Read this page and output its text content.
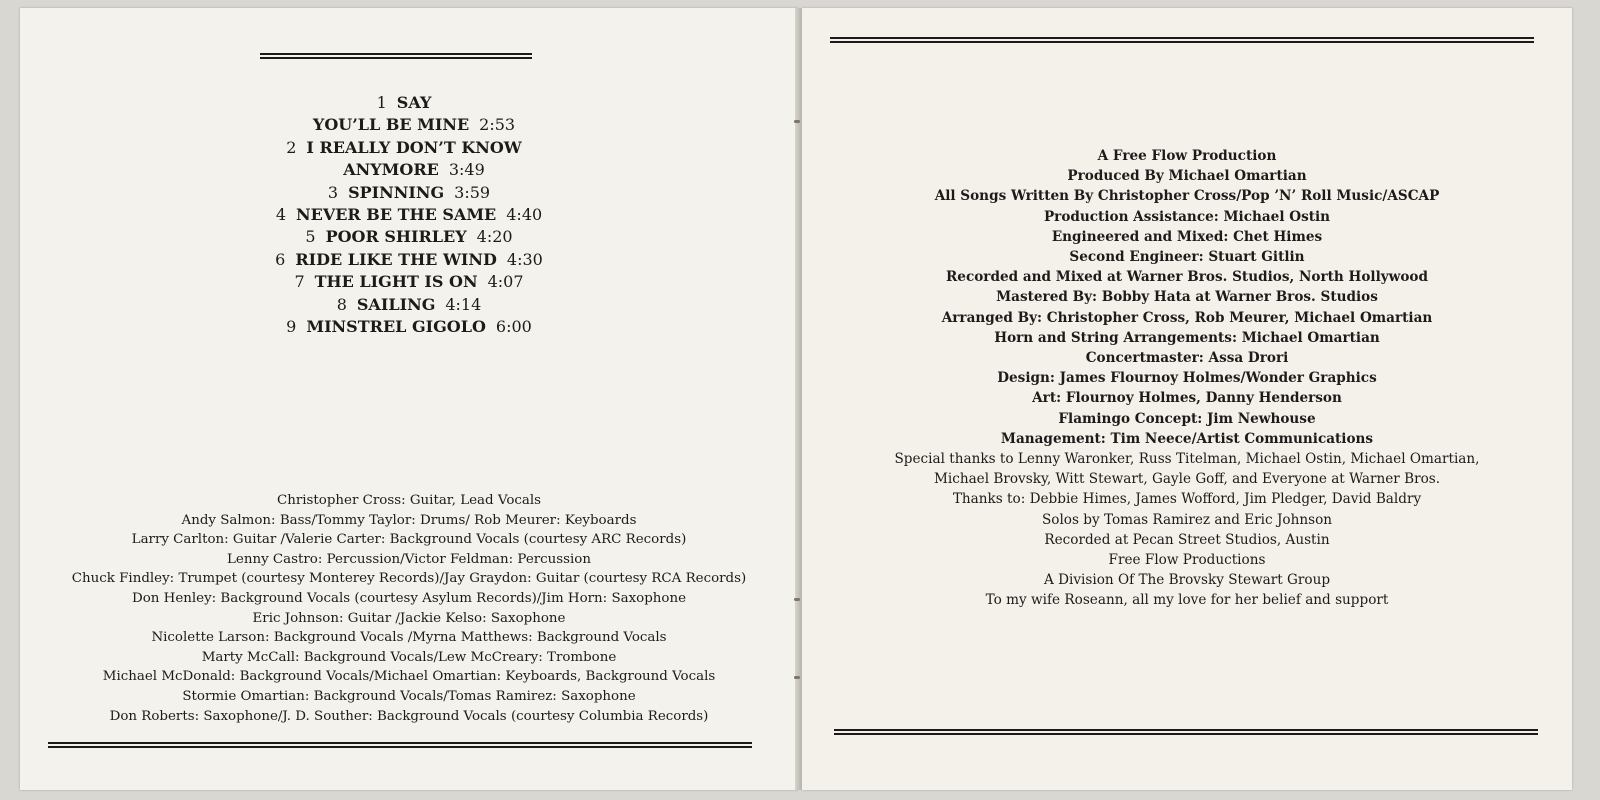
1 SAY
YOU’LL BE MINE 2:53
2 I REALLY DON’T KNOW
ANYMORE 3:49
3 SPINNING 3:59
4 NEVER BE THE SAME 4:40
5 POOR SHIRLEY 4:20
6 RIDE LIKE THE WIND 4:30
7 THE LIGHT IS ON 4:07
8 SAILING 4:14
9 MINSTREL GIGOLO 6:00
Christopher Cross: Guitar, Lead Vocals
Andy Salmon: Bass/Tommy Taylor: Drums/ Rob Meurer: Keyboards
Larry Carlton: Guitar /Valerie Carter: Background Vocals (courtesy ARC Records)
Lenny Castro: Percussion/Victor Feldman: Percussion
Chuck Findley: Trumpet (courtesy Monterey Records)/Jay Graydon: Guitar (courtesy RCA Records)
Don Henley: Background Vocals (courtesy Asylum Records)/Jim Horn: Saxophone
Eric Johnson: Guitar /Jackie Kelso: Saxophone
Nicolette Larson: Background Vocals /Myrna Matthews: Background Vocals
Marty McCall: Background Vocals/Lew McCreary: Trombone
Michael McDonald: Background Vocals/Michael Omartian: Keyboards, Background Vocals
Stormie Omartian: Background Vocals/Tomas Ramirez: Saxophone
Don Roberts: Saxophone/J. D. Souther: Background Vocals (courtesy Columbia Records)
A Free Flow Production
Produced By Michael Omartian
All Songs Written By Christopher Cross/Pop ’N’ Roll Music/ASCAP
Production Assistance: Michael Ostin
Engineered and Mixed: Chet Himes
Second Engineer: Stuart Gitlin
Recorded and Mixed at Warner Bros. Studios, North Hollywood
Mastered By: Bobby Hata at Warner Bros. Studios
Arranged By: Christopher Cross, Rob Meurer, Michael Omartian
Horn and String Arrangements: Michael Omartian
Concertmaster: Assa Drori
Design: James Flournoy Holmes/Wonder Graphics
Art: Flournoy Holmes, Danny Henderson
Flamingo Concept: Jim Newhouse
Management: Tim Neece/Artist Communications
Special thanks to Lenny Waronker, Russ Titelman, Michael Ostin, Michael Omartian,
Michael Brovsky, Witt Stewart, Gayle Goff, and Everyone at Warner Bros.
Thanks to: Debbie Himes, James Wofford, Jim Pledger, David Baldry
Solos by Tomas Ramirez and Eric Johnson
Recorded at Pecan Street Studios, Austin
Free Flow Productions
A Division Of The Brovsky Stewart Group
To my wife Roseann, all my love for her belief and support
